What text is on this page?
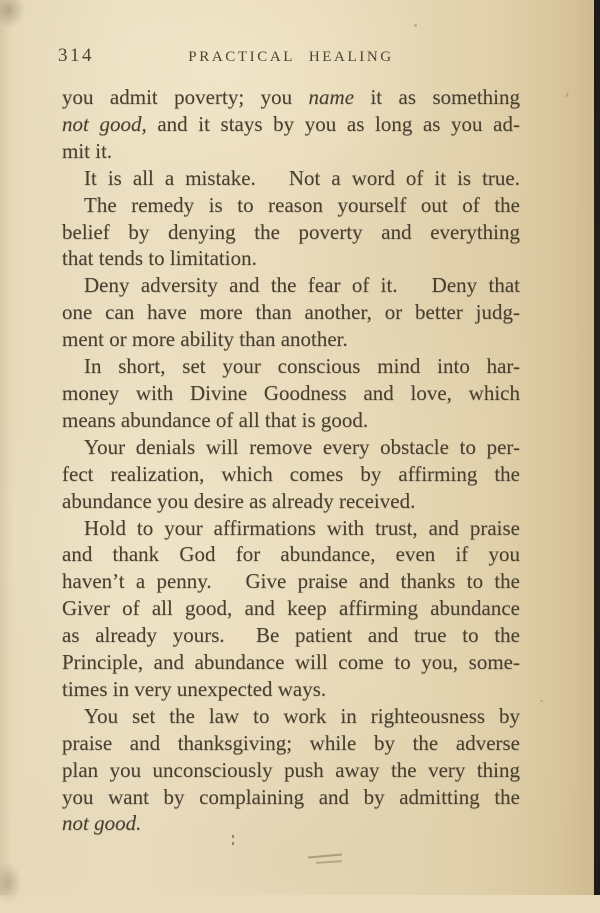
314	PRACTICAL HEALING
you admit poverty; you name it as something
not good, and it stays by you as long as you ad-
mit it.
It is all a mistake.   Not a word of it is true.
The remedy is to reason yourself out of the
belief by denying the poverty and everything
that tends to limitation.
Deny adversity and the fear of it.   Deny that
one can have more than another, or better judg-
ment or more ability than another.
In short, set your conscious mind into har-
money with Divine Goodness and love, which
means abundance of all that is good.
Your denials will remove every obstacle to per-
fect realization, which comes by affirming the
abundance you desire as already received.
Hold to your affirmations with trust, and praise
and thank God for abundance, even if you
haven’t a penny.   Give praise and thanks to the
Giver of all good, and keep affirming abundance
as already yours.  Be patient and true to the
Principle, and abundance will come to you, some-
times in very unexpected ways.
You set the law to work in righteousness by
praise and thanksgiving; while by the adverse
plan you unconsciously push away the very thing
you want by complaining and by admitting the
not good.
